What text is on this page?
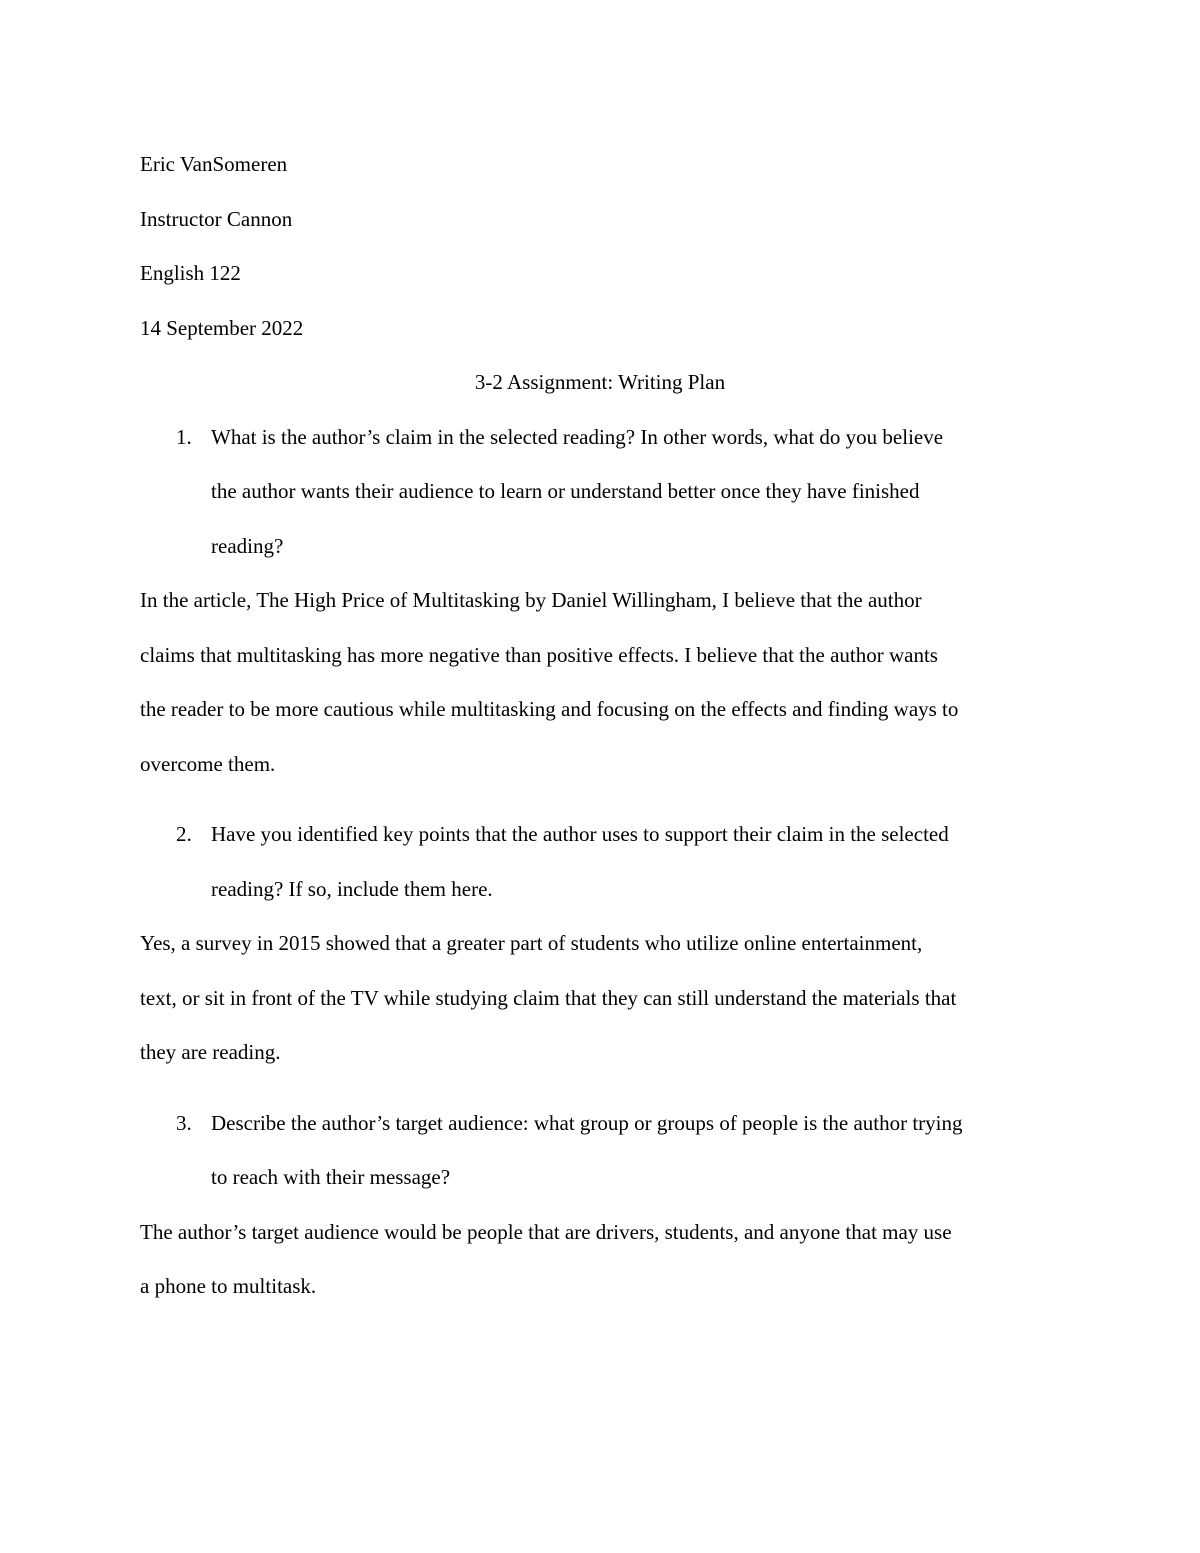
Eric VanSomeren

Instructor Cannon

English 122

14 September 2022

3-2 Assignment: Writing Plan

1. What is the author’s claim in the selected reading? In other words, what do you believe

the author wants their audience to learn or understand better once they have finished

reading?

In the article, The High Price of Multitasking by Daniel Willingham, I believe that the author

claims that multitasking has more negative than positive effects. I believe that the author wants

the reader to be more cautious while multitasking and focusing on the effects and finding ways to

overcome them.

2. Have you identified key points that the author uses to support their claim in the selected

reading? If so, include them here.

Yes, a survey in 2015 showed that a greater part of students who utilize online entertainment,

text, or sit in front of the TV while studying claim that they can still understand the materials that

they are reading.

3. Describe the author’s target audience: what group or groups of people is the author trying

to reach with their message?

The author’s target audience would be people that are drivers, students, and anyone that may use

a phone to multitask.
